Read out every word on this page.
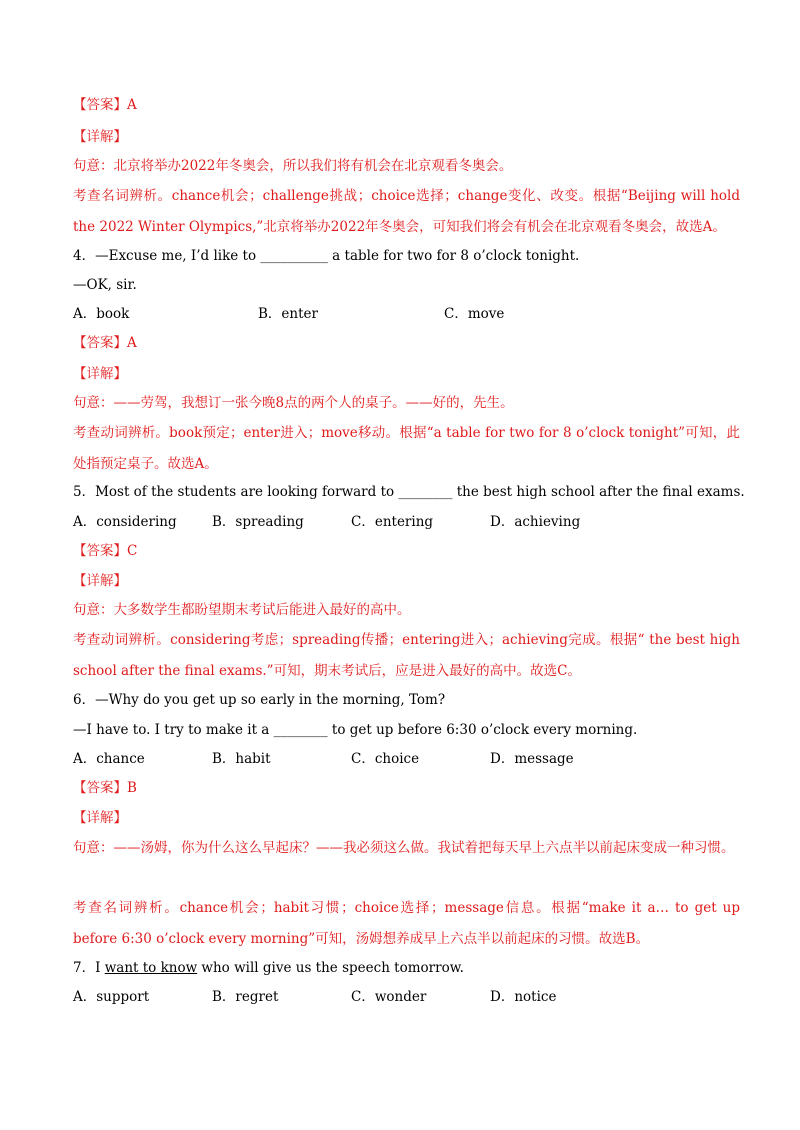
【答案】A
【详解】
句意：北京将举办2022年冬奥会，所以我们将有机会在北京观看冬奥会。
考查名词辨析。chance机会；challenge挑战；choice选择；change变化、改变。根据“Beijing will hold the 2022 Winter Olympics,”北京将举办2022年冬奥会，可知我们将会有机会在北京观看冬奥会，故选A。
4．—Excuse me, I’d like to __________ a table for two for 8 o’clock tonight.
—OK, sir.
A．book	B．enter	C．move
【答案】A
【详解】
句意：——劳驾，我想订一张今晚8点的两个人的桌子。——好的，先生。
考查动词辨析。book预定；enter进入；move移动。根据“a table for two for 8 o’clock tonight”可知，此处指预定桌子。故选A。
5．Most of the students are looking forward to ________ the best high school after the final exams.
A．considering	B．spreading	C．entering	D．achieving
【答案】C
【详解】
句意：大多数学生都盼望期末考试后能进入最好的高中。
考查动词辨析。considering考虑；spreading传播；entering进入；achieving完成。根据“ the best high school after the final exams.”可知，期末考试后，应是进入最好的高中。故选C。
6．—Why do you get up so early in the morning, Tom?
—I have to. I try to make it a ________ to get up before 6:30 o’clock every morning.
A．chance	B．habit	C．choice	D．message
【答案】B
【详解】
句意：——汤姆，你为什么这么早起床？——我必须这么做。我试着把每天早上六点半以前起床变成一种习惯。
考查名词辨析。chance机会；habit习惯；choice选择；message信息。根据“make it a… to get up before 6:30 o’clock every morning”可知，汤姆想养成早上六点半以前起床的习惯。故选B。
7．I want to know who will give us the speech tomorrow.
A．support	B．regret	C．wonder	D．notice
